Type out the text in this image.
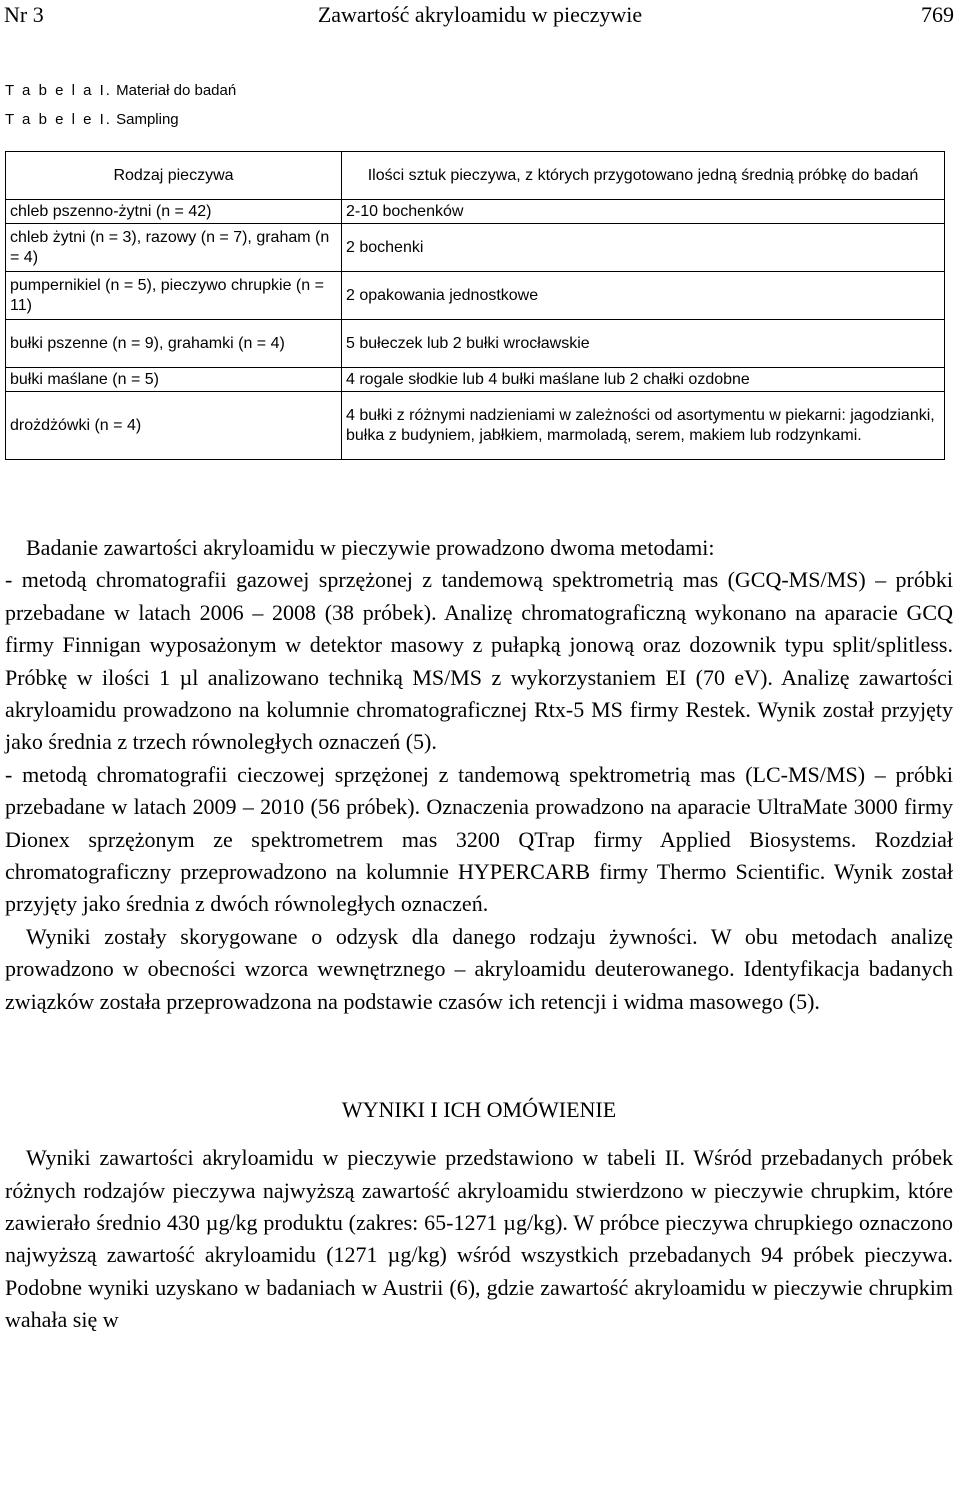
Nr 3	Zawartość akryloamidu w pieczywie	769
T a b e l a I. Materiał do badań
T a b e l e I. Sampling
Rodzaj pieczywa	Ilości sztuk pieczywa, z których przygotowano jedną średnią próbkę do badań
chleb pszenno-żytni (n = 42)	2-10 bochenków
chleb żytni (n = 3), razowy (n = 7), graham (n = 4)	2 bochenki
pumpernikiel (n = 5), pieczywo chrupkie (n = 11)	2 opakowania jednostkowe
bułki pszenne (n = 9), grahamki (n = 4)	5 bułeczek lub 2 bułki wrocławskie
bułki maślane (n = 5)	4 rogale słodkie lub 4 bułki maślane lub 2 chałki ozdobne
drożdżówki (n = 4)	4 bułki z różnymi nadzieniami w zależności od asortymentu w piekarni: jagodzianki, bułka z budyniem, jabłkiem, marmoladą, serem, makiem lub rodzynkami.

Badanie zawartości akryloamidu w pieczywie prowadzono dwoma metodami:

- metodą chromatografii gazowej sprzężonej z tandemową spektrometrią mas (GCQ-MS/MS) – próbki przebadane w latach 2006 – 2008 (38 próbek). Analizę chromatograficzną wykonano na aparacie GCQ firmy Finnigan wyposażonym w detektor masowy z pułapką jonową oraz dozownik typu split/splitless. Próbkę w ilości 1 µl analizowano techniką MS/MS z wykorzystaniem EI (70 eV). Analizę zawartości akryloamidu prowadzono na kolumnie chromatograficznej Rtx-5 MS firmy Restek. Wynik został przyjęty jako średnia z trzech równoległych oznaczeń (5).

- metodą chromatografii cieczowej sprzężonej z tandemową spektrometrią mas (LC-MS/MS) – próbki przebadane w latach 2009 – 2010 (56 próbek). Oznaczenia prowadzono na aparacie UltraMate 3000 firmy Dionex sprzężonym ze spektrometrem mas 3200 QTrap firmy Applied Biosystems. Rozdział chromatograficzny przeprowadzono na kolumnie HYPERCARB firmy Thermo Scientific. Wynik został przyjęty jako średnia z dwóch równoległych oznaczeń.

Wyniki zostały skorygowane o odzysk dla danego rodzaju żywności. W obu metodach analizę prowadzono w obecności wzorca wewnętrznego – akryloamidu deuterowanego. Identyfikacja badanych związków została przeprowadzona na podstawie czasów ich retencji i widma masowego (5).

WYNIKI I ICH OMÓWIENIE

Wyniki zawartości akryloamidu w pieczywie przedstawiono w tabeli II. Wśród przebadanych próbek różnych rodzajów pieczywa najwyższą zawartość akryloamidu stwierdzono w pieczywie chrupkim, które zawierało średnio 430 µg/kg produktu (zakres: 65-1271 µg/kg). W próbce pieczywa chrupkiego oznaczono najwyższą zawartość akryloamidu (1271 µg/kg) wśród wszystkich przebadanych 94 próbek pieczywa. Podobne wyniki uzyskano w badaniach w Austrii (6), gdzie zawartość akryloamidu w pieczywie chrupkim wahała się w
